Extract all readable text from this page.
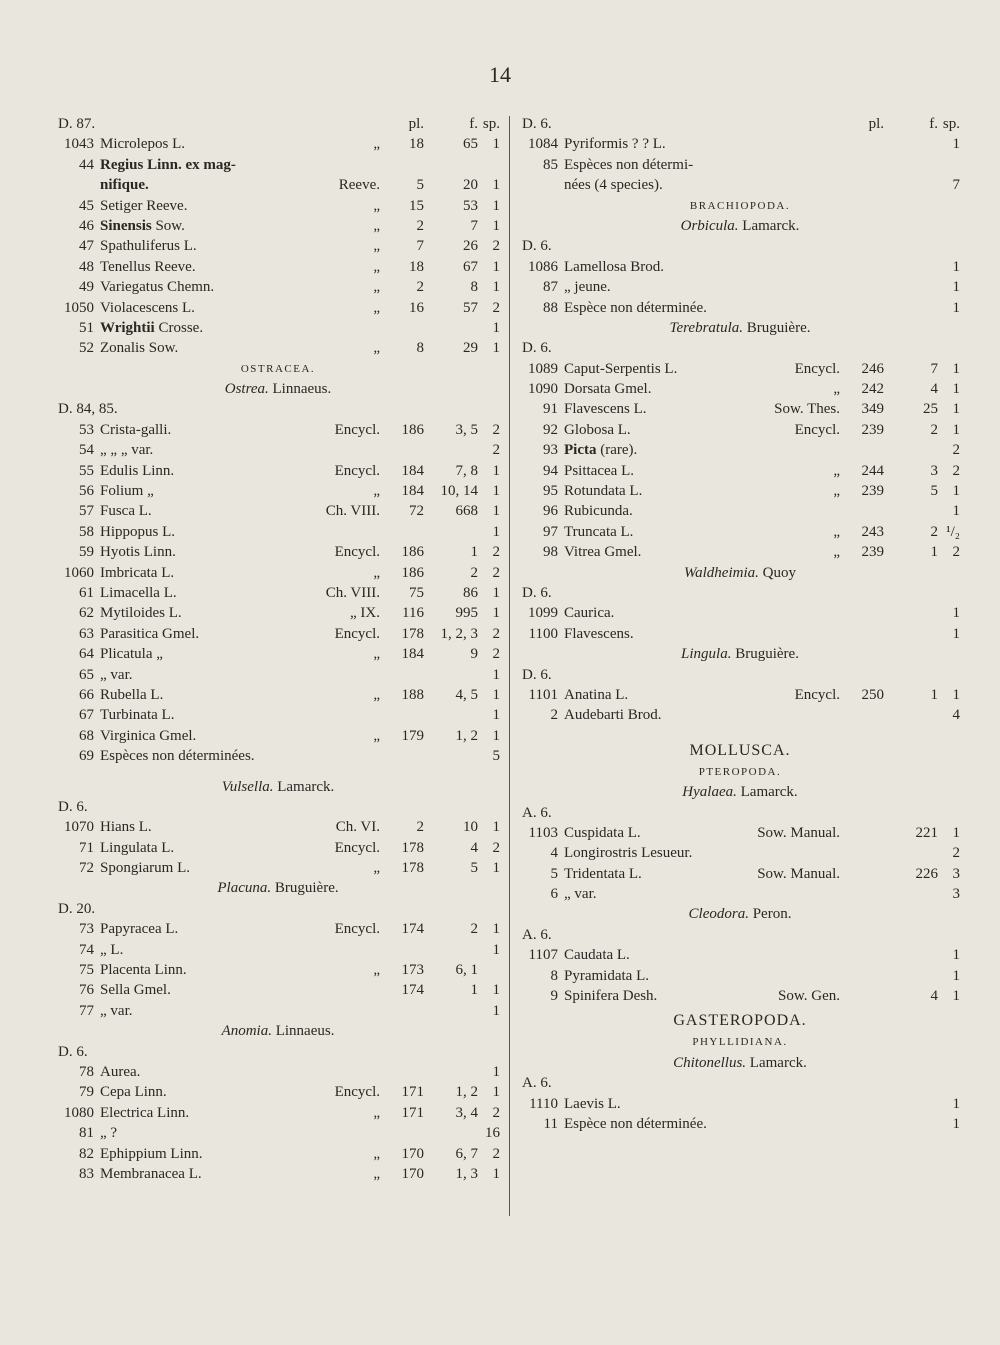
14
D. 87.	pl.	f. sp.
1043 Microlepos L.	„	18	65 1
44 Regius Linn. ex mag-
nifique.	Reeve.	5	20 1
45 Setiger Reeve.	„	15	53 1
46 Sinensis Sow.	„	2	7 1
47 Spathuliferus L.	„	7	26 2
48 Tenellus Reeve.	„	18	67 1
49 Variegatus Chemn.	„	2	8 1
1050 Violacescens L.	„	16	57 2
51 Wrightii Crosse.	1
52 Zonalis Sow.	„	8	29 1
OSTRACEA.
Ostrea. Linnaeus.
D. 84, 85.
53 Crista-galli.	Encycl.	186	3, 5 2
54 „ „ „ var.	2
55 Edulis Linn.	Encycl.	184	7, 8 1
56 Folium „	„	184	10, 14 1
57 Fusca L.	Ch. VIII.	72	668 1
58 Hippopus L.	1
59 Hyotis Linn.	Encycl.	186	1 2
1060 Imbricata L.	„	186	2 2
61 Limacella L.	Ch. VIII.	75	86 1
62 Mytiloides L.	„ IX.	116	995 1
63 Parasitica Gmel.	Encycl.	178	1, 2, 3 2
64 Plicatula „	„	184	9 2
65 „ var.	1
66 Rubella L.	„	188	4, 5 1
67 Turbinata L.	1
68 Virginica Gmel.	„	179	1, 2 1
69 Espèces non déterminées.	5
Vulsella. Lamarck.
D. 6.
1070 Hians L.	Ch. VI.	2	10 1
71 Lingulata L.	Encycl.	178	4 2
72 Spongiarum L.	„	178	5 1
Placuna. Bruguière.
D. 20.
73 Papyracea L.	Encycl.	174	2 1
74 „ L.	1
75 Placenta Linn.	„	173	6, 1
76 Sella Gmel.	174	1 1
77 „ var.	1
Anomia. Linnaeus.
D. 6.
78 Aurea.	1
79 Cepa Linn.	Encycl.	171	1, 2 1
1080 Electrica Linn.	„	171	3, 4 2
81 „ ?	16
82 Ephippium Linn.	„	170	6, 7 2
83 Membranacea L.	„	170	1, 3 1
D. 6.	pl.	f. sp.
1084 Pyriformis ? ? L.	1
85 Espèces non détermi-
nées (4 species).	7
BRACHIOPODA.
Orbicula. Lamarck.
D. 6.
1086 Lamellosa Brod.	1
87 „ jeune.	1
88 Espèce non déterminée.	1
Terebratula. Bruguière.
D. 6.
1089 Caput-Serpentis L.	Encycl.	246	7 1
1090 Dorsata Gmel.	„	242	4 1
91 Flavescens L.	Sow. Thes.	349	25 1
92 Globosa L.	Encycl.	239	2 1
93 Picta (rare).	2
94 Psittacea L.	„	244	3 2
95 Rotundata L.	„	239	5 1
96 Rubicunda.	1
97 Truncata L.	„	243	2 ¹/₂
98 Vitrea Gmel.	„	239	1 2
Waldheimia. Quoy
D. 6.
1099 Caurica.	1
1100 Flavescens.	1
Lingula. Bruguière.
D. 6.
1101 Anatina L.	Encycl.	250	1 1
2 Audebarti Brod.	4
MOLLUSCA.
PTEROPODA.
Hyalaea. Lamarck.
A. 6.
1103 Cuspidata L.	Sow. Manual.	221 1
4 Longirostris Lesueur.	2
5 Tridentata L.	Sow. Manual.	226 3
6 „ var.	3
Cleodora. Peron.
A. 6.
1107 Caudata L.	1
8 Pyramidata L.	1
9 Spinifera Desh.	Sow. Gen.	4 1
GASTEROPODA.
PHYLLIDIANA.
Chitonellus. Lamarck.
A. 6.
1110 Laevis L.	1
11 Espèce non déterminée.	1
